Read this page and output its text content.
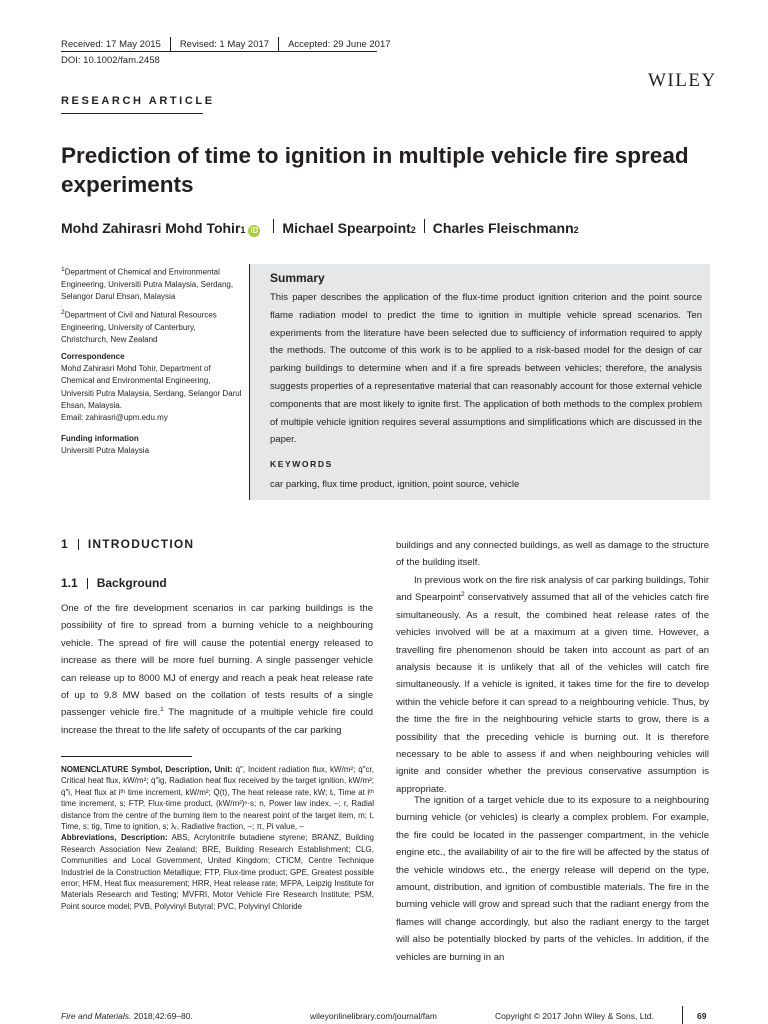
Received: 17 May 2015 Revised: 1 May 2017 Accepted: 29 June 2017
DOI: 10.1002/fam.2458
WILEY
RESEARCH ARTICLE
Prediction of time to ignition in multiple vehicle fire spread experiments
Mohd Zahirasri Mohd Tohir 1 iD Michael Spearpoint 2 Charles Fleischmann 2
$^1$Department of Chemical and Environmental Engineering, Universiti Putra Malaysia, Serdang, Selangor Darul Ehsan, Malaysia
$^2$Department of Civil and Natural Resources Engineering, University of Canterbury, Christchurch, New Zealand
Correspondence
Mohd Zahirasri Mohd Tohir, Department of Chemical and Environmental Engineering, Universiti Putra Malaysia, Serdang, Selangor Darul Ehsan, Malaysia.
Email: zahirasri@upm.edu.my
Funding information
Universiti Putra Malaysia
Summary
This paper describes the application of the flux-time product ignition criterion and the point source flame radiation model to predict the time to ignition in multiple vehicle spread scenarios. Ten experiments from the literature have been selected due to sufficiency of information required to apply the methods. The outcome of this work is to be applied to a risk-based model for the design of car parking buildings to determine when and if a fire spreads between vehicles; therefore, the analysis suggests properties of a representative material that can reasonably account for those external vehicle components that are most likely to ignite first. The application of both methods to the complex problem of multiple vehicle ignition requires several assumptions and simplifications which are discussed in the paper.
KEYWORDS
car parking, flux time product, ignition, point source, vehicle
1 INTRODUCTION
1.1 Background
One of the fire development scenarios in car parking buildings is the possibility of fire to spread from a burning vehicle to a neighbouring vehicle. The spread of fire will cause the potential energy released to increase as there will be more fuel burning. A single passenger vehicle can release up to 8000 MJ of energy and reach a peak heat release rate of up to 9.8 MW based on the collation of tests results of a single passenger vehicle fire.$^1$ The magnitude of a multiple vehicle fire could increase the threat to the life safety of occupants of the car parking
NOMENCLATURE Symbol, Description, Unit: q̇″, Incident radiation flux, kW/m²; q̇″cr, Critical heat flux, kW/m²; q̇″ig, Radiation heat flux received by the target ignition, kW/m²; q̇″i, Heat flux at iᵗʰ time increment, kW/m²; Q̇(t), The heat release rate, kW; tᵢ, Time at iᵗʰ time increment, s; FTP, Flux-time product, (kW/m²)ⁿ·s; n, Power law index, –; r, Radial distance from the centre of the burning item to the nearest point of the target item, m; t, Time, s; tig, Time to ignition, s; λᵣ, Radiative fraction, –; π, Pi value, –
Abbreviations, Description: ABS, Acrylonitrile butadiene styrene; BRANZ, Building Research Association New Zealand; BRE, Building Research Establishment; CLG, Communities and Local Government, United Kingdom; CTICM, Centre Technique Industriel de la Construction Metallique; FTP, Flux-time product; GPE, Greatest possible error; HFM, Heat flux measurement; HRR, Heat release rate; MFPA, Leipzig Institute for Materials Research and Testing; MVFRI, Motor Vehicle Fire Research Institute; PSM, Point source model; PVB, Polyvinyl Butyral; PVC, Polyvinyl Chloride
buildings and any connected buildings, as well as damage to the structure of the building itself.
In previous work on the fire risk analysis of car parking buildings, Tohir and Spearpoint$^2$ conservatively assumed that all of the vehicles catch fire simultaneously. As a result, the combined heat release rates of the vehicles involved will be at a maximum at a given time. However, a travelling fire phenomenon should be taken into account as part of an analysis because it is unlikely that all of the vehicles will catch fire simultaneously. If a vehicle is ignited, it takes time for the fire to develop within the vehicle before it can spread to a neighbouring vehicle. Thus, by the time the fire in the neighbouring vehicle starts to grow, there is a possibility that the preceding vehicle is burning out. It is therefore necessary to be able to assess if and when neighbouring vehicles will ignite and consider whether the previous conservative assumption is appropriate.
The ignition of a target vehicle due to its exposure to a neighbouring burning vehicle (or vehicles) is clearly a complex problem. For example, the fire could be located in the passenger compartment, in the vehicle engine etc., the availability of air to the fire will be affected by the status of the vehicle windows etc., the energy release will depend on the type, amount, distribution, and ignition of combustible materials. The fire in the burning vehicle will grow and spread such that the radiant energy from the flames will change accordingly, but also the radiant energy to the target will also be potentially blocked by parts of the vehicles. In addition, if the vehicles are burning in an
Fire and Materials. 2018;42:69–80.	wileyonlinelibrary.com/journal/fam	Copyright © 2017 John Wiley & Sons, Ltd.	69
